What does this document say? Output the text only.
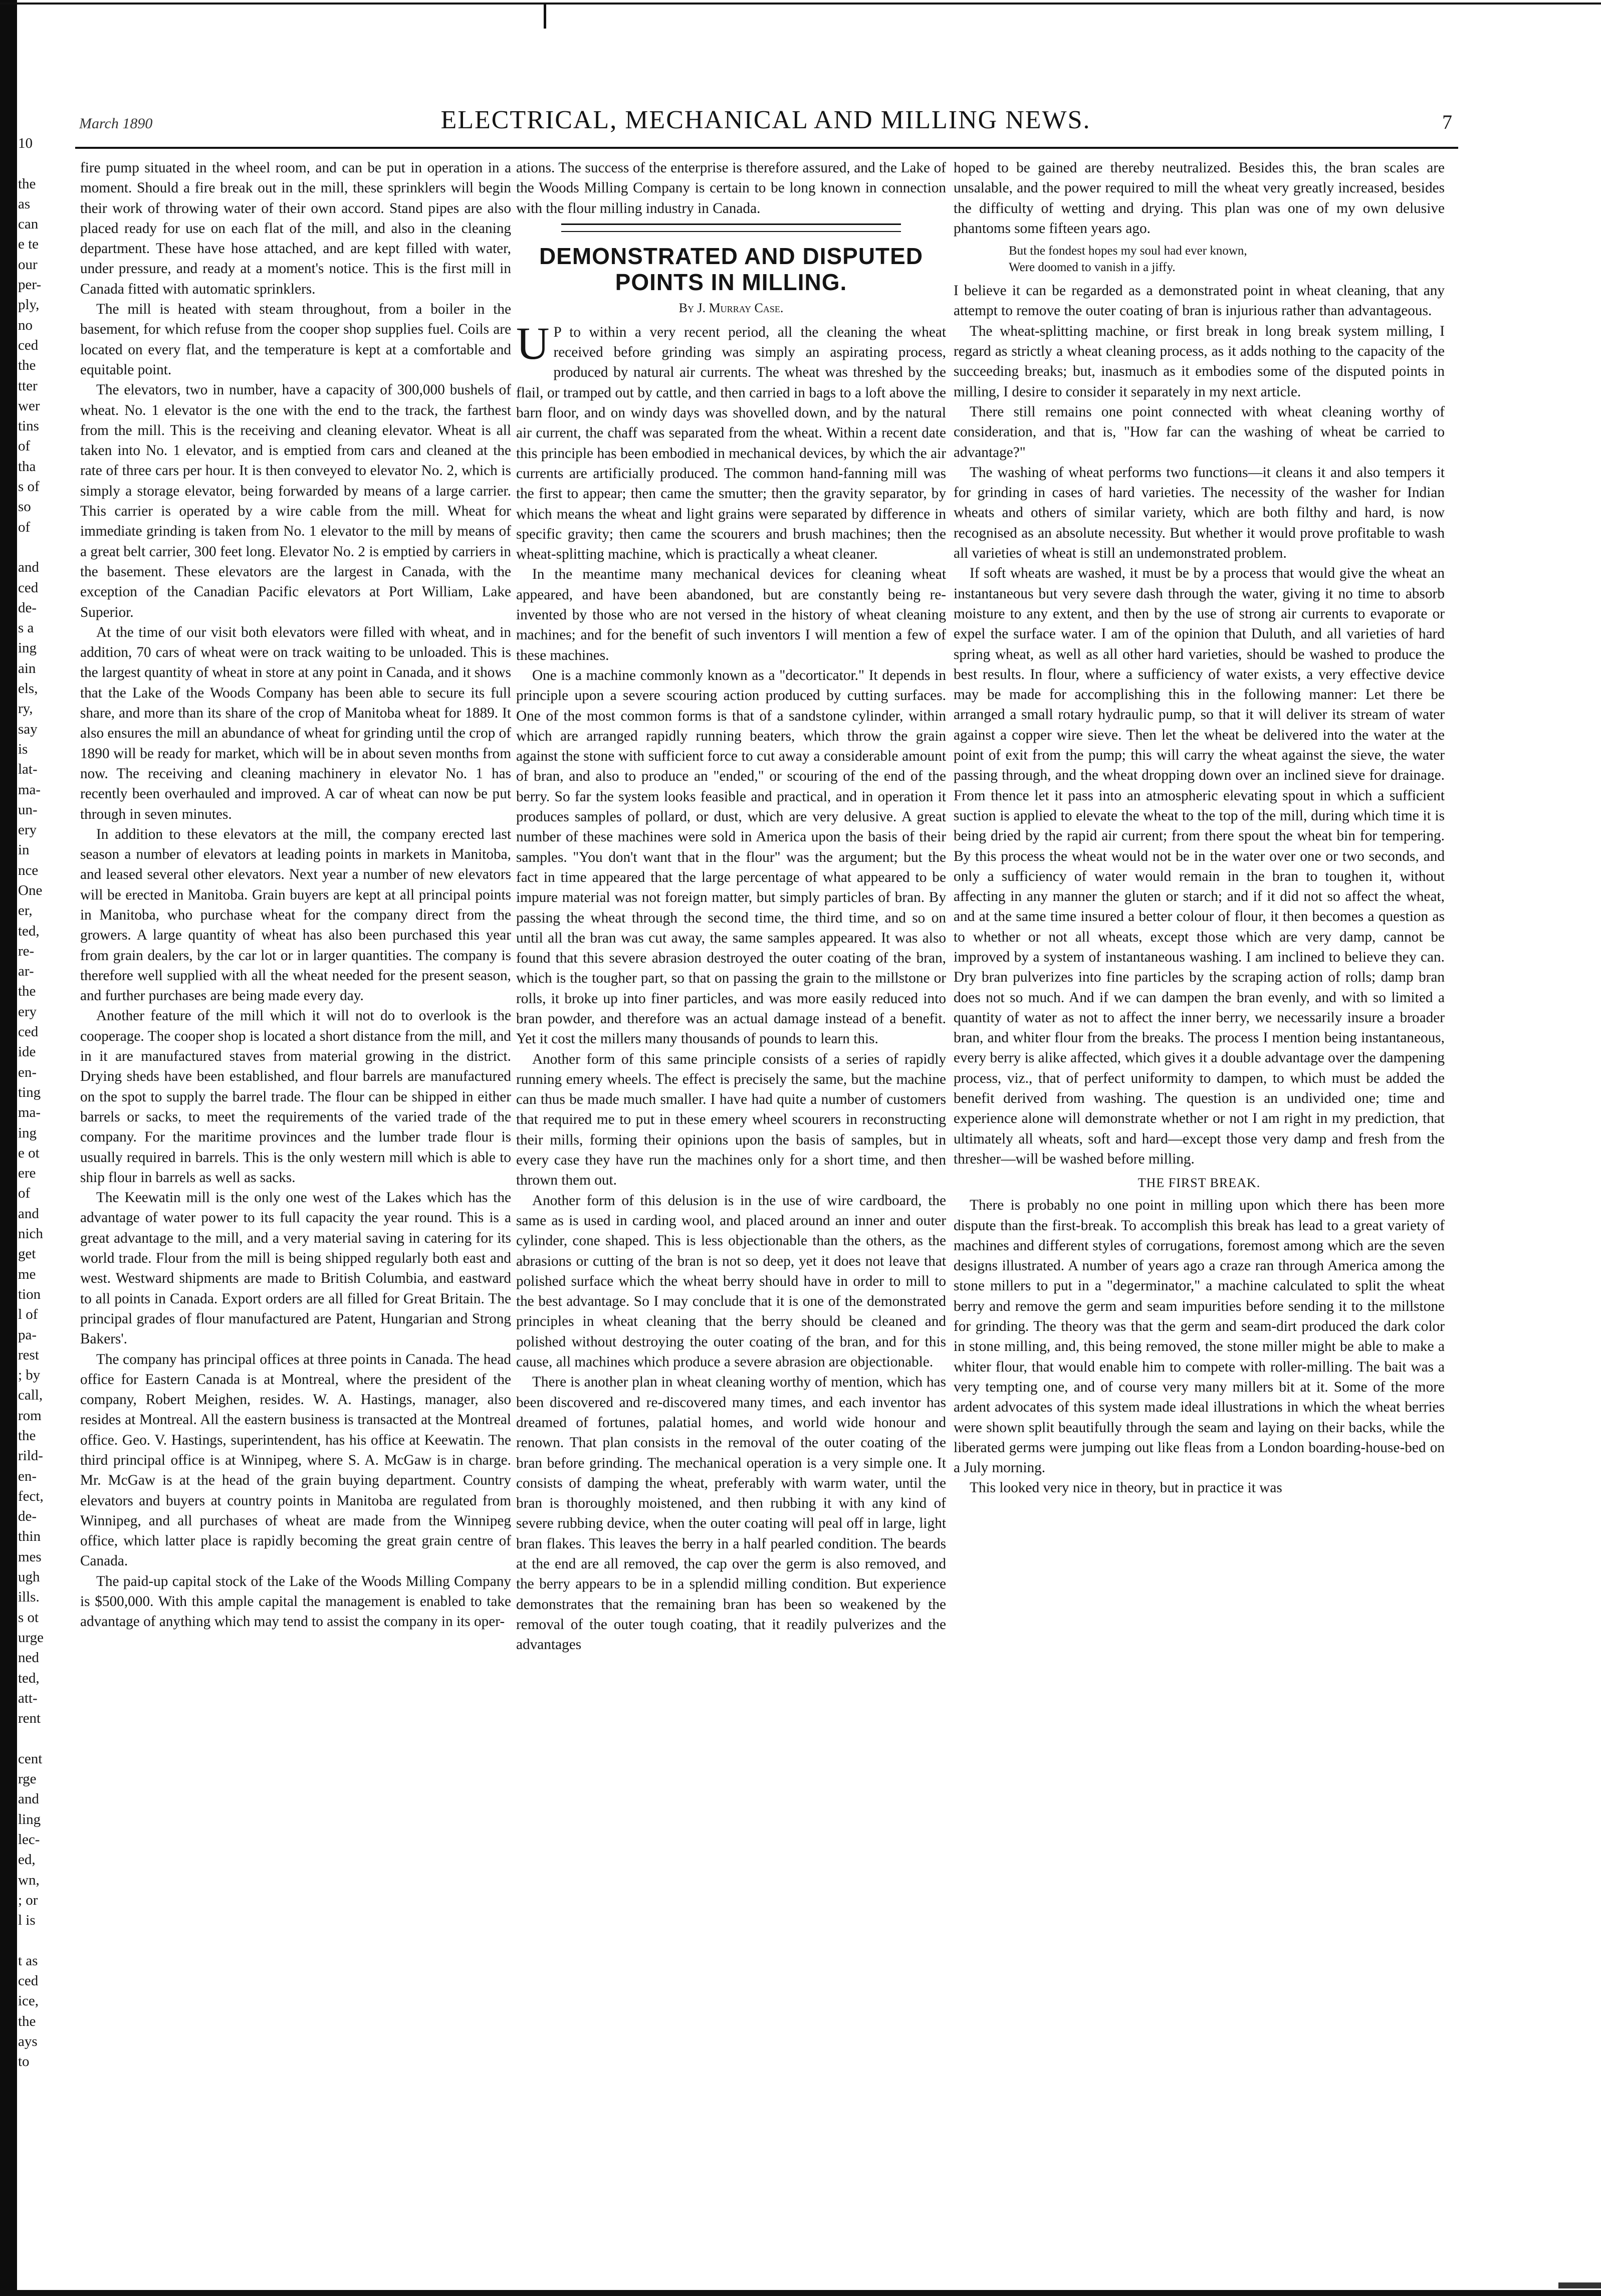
March 1890	ELECTRICAL, MECHANICAL AND MILLING NEWS.	7
10
the
as
can
e te
our
per-
ply,
no
ced
the
tter
wer
tins
of
tha
s of
so
of
and
ced
de-
s a
ing
ain
els,
ry,
say
is
lat-
ma-
un-
ery
in
nce
One
er,
ted,
re-
ar-
the
ery
ced
ide
en-
ting
ma-
ing
e ot
ere
of
and
nich
get
me
tion
l of
pa-
rest
; by
call,
rom
the
rild-
en-
fect,
de-
thin
mes
ugh
ills.
s ot
urge
ned
ted,
att-
rent
cent
rge
and
ling
lec-
ed,
wn,
; or
l is
t as
ced
ice,
the
ays
to

fire pump situated in the wheel room, and can be put in operation in a moment. Should a fire break out in the mill, these sprinklers will begin their work of throwing water of their own accord. Stand pipes are also placed ready for use on each flat of the mill, and also in the cleaning department. These have hose attached, and are kept filled with water, under pressure, and ready at a moment's notice. This is the first mill in Canada fitted with automatic sprinklers.

The mill is heated with steam throughout, from a boiler in the basement, for which refuse from the cooper shop supplies fuel. Coils are located on every flat, and the temperature is kept at a comfortable and equitable point.

The elevators, two in number, have a capacity of 300,000 bushels of wheat. No. 1 elevator is the one with the end to the track, the farthest from the mill. This is the receiving and cleaning elevator. Wheat is all taken into No. 1 elevator, and is emptied from cars and cleaned at the rate of three cars per hour. It is then conveyed to elevator No. 2, which is simply a storage elevator, being forwarded by means of a large carrier. This carrier is operated by a wire cable from the mill. Wheat for immediate grinding is taken from No. 1 elevator to the mill by means of a great belt carrier, 300 feet long. Elevator No. 2 is emptied by carriers in the basement. These elevators are the largest in Canada, with the exception of the Canadian Pacific elevators at Port William, Lake Superior.

At the time of our visit both elevators were filled with wheat, and in addition, 70 cars of wheat were on track waiting to be unloaded. This is the largest quantity of wheat in store at any point in Canada, and it shows that the Lake of the Woods Company has been able to secure its full share, and more than its share of the crop of Manitoba wheat for 1889. It also ensures the mill an abundance of wheat for grinding until the crop of 1890 will be ready for market, which will be in about seven months from now. The receiving and cleaning machinery in elevator No. 1 has recently been overhauled and improved. A car of wheat can now be put through in seven minutes.

In addition to these elevators at the mill, the company erected last season a number of elevators at leading points in markets in Manitoba, and leased several other elevators. Next year a number of new elevators will be erected in Manitoba. Grain buyers are kept at all principal points in Manitoba, who purchase wheat for the company direct from the growers. A large quantity of wheat has also been purchased this year from grain dealers, by the car lot or in larger quantities. The company is therefore well supplied with all the wheat needed for the present season, and further purchases are being made every day.

Another feature of the mill which it will not do to overlook is the cooperage. The cooper shop is located a short distance from the mill, and in it are manufactured staves from material growing in the district. Drying sheds have been established, and flour barrels are manufactured on the spot to supply the barrel trade. The flour can be shipped in either barrels or sacks, to meet the requirements of the varied trade of the company. For the maritime provinces and the lumber trade flour is usually required in barrels. This is the only western mill which is able to ship flour in barrels as well as sacks.

The Keewatin mill is the only one west of the Lakes which has the advantage of water power to its full capacity the year round. This is a great advantage to the mill, and a very material saving in catering for its world trade. Flour from the mill is being shipped regularly both east and west. Westward shipments are made to British Columbia, and eastward to all points in Canada. Export orders are all filled for Great Britain. The principal grades of flour manufactured are Patent, Hungarian and Strong Bakers'.

The company has principal offices at three points in Canada. The head office for Eastern Canada is at Montreal, where the president of the company, Robert Meighen, resides. W. A. Hastings, manager, also resides at Montreal. All the eastern business is transacted at the Montreal office. Geo. V. Hastings, superintendent, has his office at Keewatin. The third principal office is at Winnipeg, where S. A. McGaw is in charge. Mr. McGaw is at the head of the grain buying department. Country elevators and buyers at country points in Manitoba are regulated from Winnipeg, and all purchases of wheat are made from the Winnipeg office, which latter place is rapidly becoming the great grain centre of Canada.

The paid-up capital stock of the Lake of the Woods Milling Company is $500,000. With this ample capital the management is enabled to take advantage of anything which may tend to assist the company in its oper-

ations. The success of the enterprise is therefore assured, and the Lake of the Woods Milling Company is certain to be long known in connection with the flour milling industry in Canada.

DEMONSTRATED AND DISPUTED POINTS IN MILLING.
By J. Murray Case.

U P to within a very recent period, all the cleaning the wheat received before grinding was simply an aspirating process, produced by natural air currents. The wheat was threshed by the flail, or tramped out by cattle, and then carried in bags to a loft above the barn floor, and on windy days was shovelled down, and by the natural air current, the chaff was separated from the wheat. Within a recent date this principle has been embodied in mechanical devices, by which the air currents are artificially produced. The common hand-fanning mill was the first to appear; then came the smutter; then the gravity separator, by which means the wheat and light grains were separated by difference in specific gravity; then came the scourers and brush machines; then the wheat-splitting machine, which is practically a wheat cleaner.

In the meantime many mechanical devices for cleaning wheat appeared, and have been abandoned, but are constantly being re-invented by those who are not versed in the history of wheat cleaning machines; and for the benefit of such inventors I will mention a few of these machines.

One is a machine commonly known as a "decorticator." It depends in principle upon a severe scouring action produced by cutting surfaces. One of the most common forms is that of a sandstone cylinder, within which are arranged rapidly running beaters, which throw the grain against the stone with sufficient force to cut away a considerable amount of bran, and also to produce an "ended," or scouring of the end of the berry. So far the system looks feasible and practical, and in operation it produces samples of pollard, or dust, which are very delusive. A great number of these machines were sold in America upon the basis of their samples. "You don't want that in the flour" was the argument; but the fact in time appeared that the large percentage of what appeared to be impure material was not foreign matter, but simply particles of bran. By passing the wheat through the second time, the third time, and so on until all the bran was cut away, the same samples appeared. It was also found that this severe abrasion destroyed the outer coating of the bran, which is the tougher part, so that on passing the grain to the millstone or rolls, it broke up into finer particles, and was more easily reduced into bran powder, and therefore was an actual damage instead of a benefit. Yet it cost the millers many thousands of pounds to learn this.

Another form of this same principle consists of a series of rapidly running emery wheels. The effect is precisely the same, but the machine can thus be made much smaller. I have had quite a number of customers that required me to put in these emery wheel scourers in reconstructing their mills, forming their opinions upon the basis of samples, but in every case they have run the machines only for a short time, and then thrown them out.

Another form of this delusion is in the use of wire cardboard, the same as is used in carding wool, and placed around an inner and outer cylinder, cone shaped. This is less objectionable than the others, as the abrasions or cutting of the bran is not so deep, yet it does not leave that polished surface which the wheat berry should have in order to mill to the best advantage. So I may conclude that it is one of the demonstrated principles in wheat cleaning that the berry should be cleaned and polished without destroying the outer coating of the bran, and for this cause, all machines which produce a severe abrasion are objectionable.

There is another plan in wheat cleaning worthy of mention, which has been discovered and re-discovered many times, and each inventor has dreamed of fortunes, palatial homes, and world wide honour and renown. That plan consists in the removal of the outer coating of the bran before grinding. The mechanical operation is a very simple one. It consists of damping the wheat, preferably with warm water, until the bran is thoroughly moistened, and then rubbing it with any kind of severe rubbing device, when the outer coating will peal off in large, light bran flakes. This leaves the berry in a half pearled condition. The beards at the end are all removed, the cap over the germ is also removed, and the berry appears to be in a splendid milling condition. But experience demonstrates that the remaining bran has been so weakened by the removal of the outer tough coating, that it readily pulverizes and the advantages

hoped to be gained are thereby neutralized. Besides this, the bran scales are unsalable, and the power required to mill the wheat very greatly increased, besides the difficulty of wetting and drying. This plan was one of my own delusive phantoms some fifteen years ago.

But the fondest hopes my soul had ever known,
Were doomed to vanish in a jiffy.

I believe it can be regarded as a demonstrated point in wheat cleaning, that any attempt to remove the outer coating of bran is injurious rather than advantageous.

The wheat-splitting machine, or first break in long break system milling, I regard as strictly a wheat cleaning process, as it adds nothing to the capacity of the succeeding breaks; but, inasmuch as it embodies some of the disputed points in milling, I desire to consider it separately in my next article.

There still remains one point connected with wheat cleaning worthy of consideration, and that is, "How far can the washing of wheat be carried to advantage?"

The washing of wheat performs two functions—it cleans it and also tempers it for grinding in cases of hard varieties. The necessity of the washer for Indian wheats and others of similar variety, which are both filthy and hard, is now recognised as an absolute necessity. But whether it would prove profitable to wash all varieties of wheat is still an undemonstrated problem.

If soft wheats are washed, it must be by a process that would give the wheat an instantaneous but very severe dash through the water, giving it no time to absorb moisture to any extent, and then by the use of strong air currents to evaporate or expel the surface water. I am of the opinion that Duluth, and all varieties of hard spring wheat, as well as all other hard varieties, should be washed to produce the best results. In flour, where a sufficiency of water exists, a very effective device may be made for accomplishing this in the following manner: Let there be arranged a small rotary hydraulic pump, so that it will deliver its stream of water against a copper wire sieve. Then let the wheat be delivered into the water at the point of exit from the pump; this will carry the wheat against the sieve, the water passing through, and the wheat dropping down over an inclined sieve for drainage. From thence let it pass into an atmospheric elevating spout in which a sufficient suction is applied to elevate the wheat to the top of the mill, during which time it is being dried by the rapid air current; from there spout the wheat bin for tempering. By this process the wheat would not be in the water over one or two seconds, and only a sufficiency of water would remain in the bran to toughen it, without affecting in any manner the gluten or starch; and if it did not so affect the wheat, and at the same time insured a better colour of flour, it then becomes a question as to whether or not all wheats, except those which are very damp, cannot be improved by a system of instantaneous washing. I am inclined to believe they can. Dry bran pulverizes into fine particles by the scraping action of rolls; damp bran does not so much. And if we can dampen the bran evenly, and with so limited a quantity of water as not to affect the inner berry, we necessarily insure a broader bran, and whiter flour from the breaks. The process I mention being instantaneous, every berry is alike affected, which gives it a double advantage over the dampening process, viz., that of perfect uniformity to dampen, to which must be added the benefit derived from washing. The question is an undivided one; time and experience alone will demonstrate whether or not I am right in my prediction, that ultimately all wheats, soft and hard—except those very damp and fresh from the thresher—will be washed before milling.

THE FIRST BREAK.

There is probably no one point in milling upon which there has been more dispute than the first-break. To accomplish this break has lead to a great variety of machines and different styles of corrugations, foremost among which are the seven designs illustrated. A number of years ago a craze ran through America among the stone millers to put in a "degerminator," a machine calculated to split the wheat berry and remove the germ and seam impurities before sending it to the millstone for grinding. The theory was that the germ and seam-dirt produced the dark color in stone milling, and, this being removed, the stone miller might be able to make a whiter flour, that would enable him to compete with roller-milling. The bait was a very tempting one, and of course very many millers bit at it. Some of the more ardent advocates of this system made ideal illustrations in which the wheat berries were shown split beautifully through the seam and laying on their backs, while the liberated germs were jumping out like fleas from a London boarding-house-bed on a July morning.

This looked very nice in theory, but in practice it was
